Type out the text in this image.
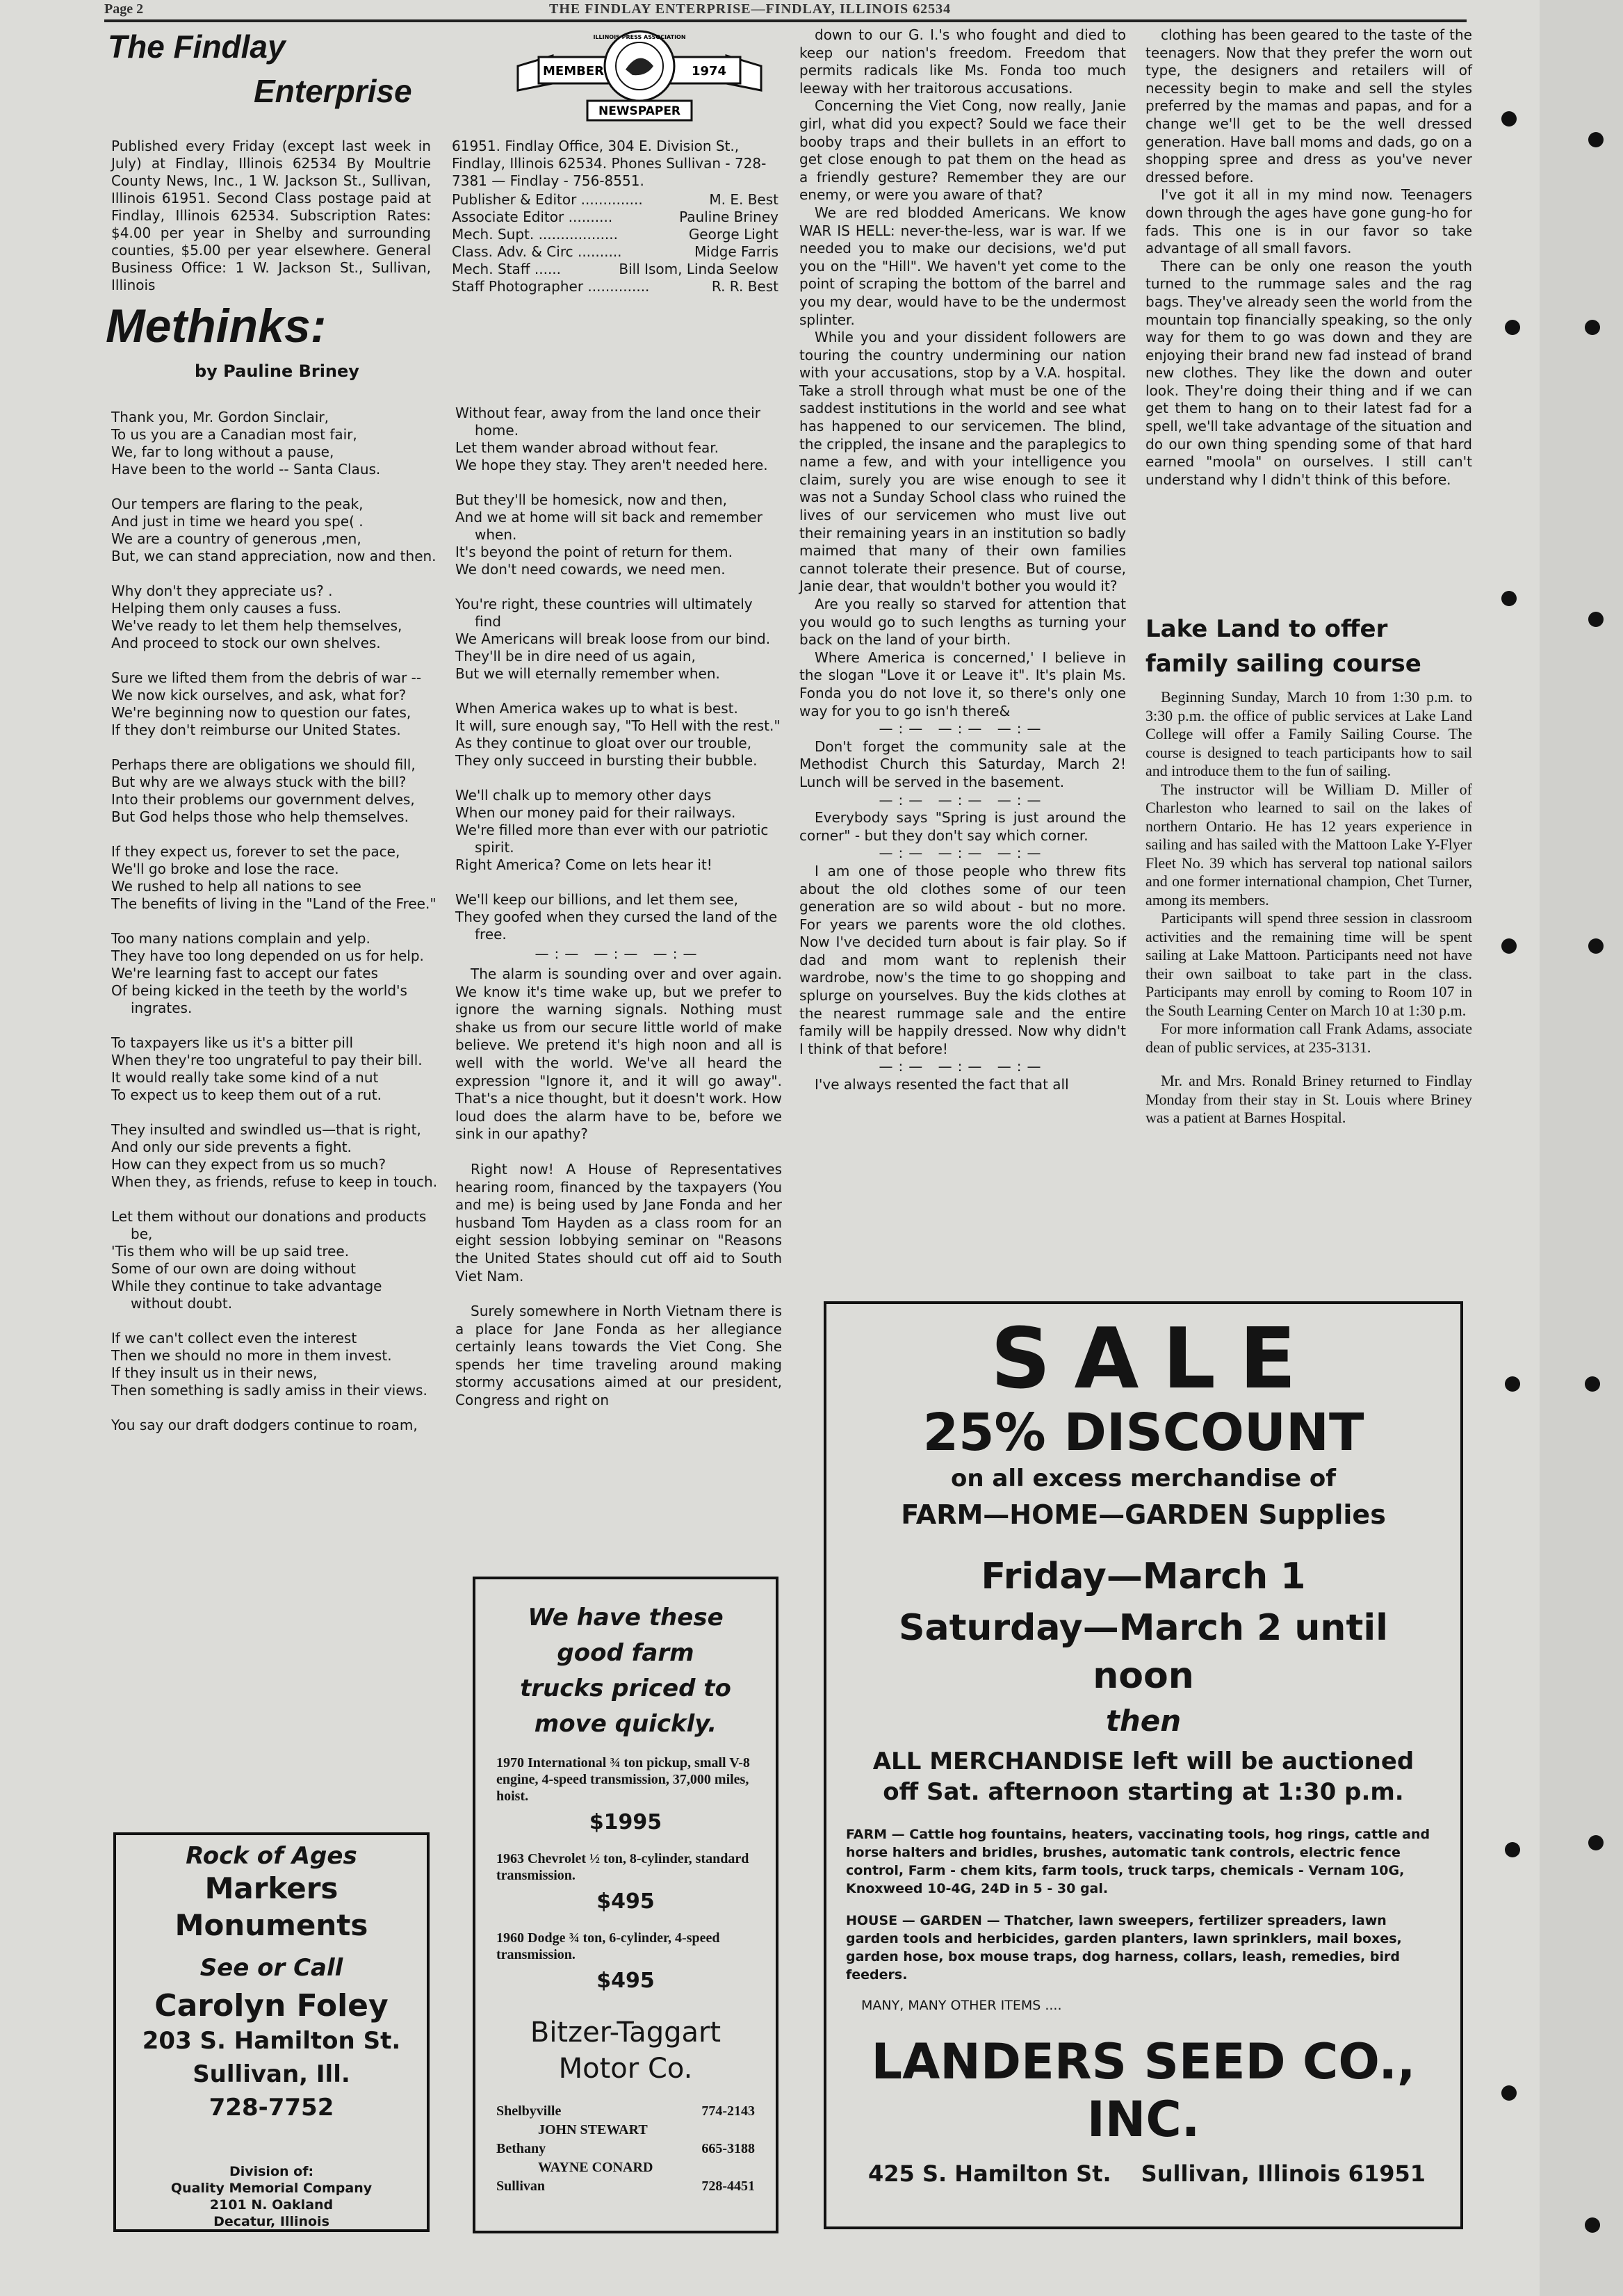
Page 2	THE FINDLAY ENTERPRISE—FINDLAY, ILLINOIS 62534
The Findlay
Enterprise
ILLINOIS PRESS ASSOCIATION
MEMBER	1974
NEWSPAPER
Published every Friday (except last week in July) at Findlay, Illinois 62534 By Moultrie County News, Inc., 1 W. Jackson St., Sullivan, Illinois 61951. Second Class postage paid at Findlay, Illinois 62534. Subscription Rates: $4.00 per year in Shelby and surrounding counties, $5.00 per year elsewhere. General Business Office: 1 W. Jackson St., Sullivan, Illinois
61951. Findlay Office, 304 E. Division St., Findlay, Illinois 62534. Phones Sullivan - 728-7381 — Findlay - 756-8551.
Publisher & Editor ..............	M. E. Best
Associate Editor ..........	Pauline Briney
Mech. Supt. ..................	George Light
Class. Adv. & Circ ..........	Midge Farris
Mech. Staff ......	Bill Isom, Linda Seelow
Staff Photographer ..............	R. R. Best
Methinks:
by Pauline Briney

Thank you, Mr. Gordon Sinclair,
To us you are a Canadian most fair,
We, far to long without a pause,
Have been to the world -- Santa Claus.

Our tempers are flaring to the peak,
And just in time we heard you spe( .
We are a country of generous ,men,
But, we can stand appreciation, now and then.

Why don't they appreciate us? .
Helping them only causes a fuss.
We've ready to let them help themselves,
And proceed to stock our own shelves.

Sure we lifted them from the debris of war --
We now kick ourselves, and ask, what for?
We're beginning now to question our fates,
If they don't reimburse our United States.

Perhaps there are obligations we should fill,
But why are we always stuck with the bill?
Into their problems our government delves,
But God helps those who help themselves.

If they expect us, forever to set the pace,
We'll go broke and lose the race.
We rushed to help all nations to see
The benefits of living in the "Land of the Free."

Too many nations complain and yelp.
They have too long depended on us for help.
We're learning fast to accept our fates
Of being kicked in the teeth by the world's ingrates.

To taxpayers like us it's a bitter pill
When they're too ungrateful to pay their bill.
It would really take some kind of a nut
To expect us to keep them out of a rut.

They insulted and swindled us—that is right,
And only our side prevents a fight.
How can they expect from us so much?
When they, as friends, refuse to keep in touch.

Let them without our donations and products be,
'Tis them who will be up said tree.
Some of our own are doing without
While they continue to take advantage without doubt.

If we can't collect even the interest
Then we should no more in them invest.
If they insult us in their news,
Then something is sadly amiss in their views.

You say our draft dodgers continue to roam,

Without fear, away from the land once their home.
Let them wander abroad without fear.
We hope they stay. They aren't needed here.

But they'll be homesick, now and then,
And we at home will sit back and remember when.
It's beyond the point of return for them.
We don't need cowards, we need men.

You're right, these countries will ultimately find
We Americans will break loose from our bind.
They'll be in dire need of us again,
But we will eternally remember when.

When America wakes up to what is best.
It will, sure enough say, "To Hell with the rest."
As they continue to gloat over our trouble,
They only succeed in bursting their bubble.

We'll chalk up to memory other days
When our money paid for their railways.
We're filled more than ever with our patriotic spirit.
Right America? Come on lets hear it!

We'll keep our billions, and let them see,
They goofed when they cursed the land of the free.

—:— —:— —:—

The alarm is sounding over and over again. We know it's time wake up, but we prefer to ignore the warning signals. Nothing must shake us from our secure little world of make believe. We pretend it's high noon and all is well with the world. We've all heard the expression "Ignore it, and it will go away". That's a nice thought, but it doesn't work. How loud does the alarm have to be, before we sink in our apathy?

Right now! A House of Representatives hearing room, financed by the taxpayers (You and me) is being used by Jane Fonda and her husband Tom Hayden as a class room for an eight session lobbying seminar on "Reasons the United States should cut off aid to South Viet Nam.

Surely somewhere in North Vietnam there is a place for Jane Fonda as her allegiance certainly leans towards the Viet Cong. She spends her time traveling around making stormy accusations aimed at our president, Congress and right on

down to our G. I.'s who fought and died to keep our nation's freedom. Freedom that permits radicals like Ms. Fonda too much leeway with her traitorous accusations.

Concerning the Viet Cong, now really, Janie girl, what did you expect? Sould we face their booby traps and their bullets in an effort to get close enough to pat them on the head as a friendly gesture? Remember they are our enemy, or were you aware of that?

We are red blodded Americans. We know WAR IS HELL: never-the-less, war is war. If we needed you to make our decisions, we'd put you on the "Hill". We haven't yet come to the point of scraping the bottom of the barrel and you my dear, would have to be the undermost splinter.

While you and your dissident followers are touring the country undermining our nation with your accusations, stop by a V.A. hospital. Take a stroll through what must be one of the saddest institutions in the world and see what has happened to our servicemen. The blind, the crippled, the insane and the paraplegics to name a few, and with your intelligence you claim, surely you are wise enough to see it was not a Sunday School class who ruined the lives of our servicemen who must live out their remaining years in an institution so badly maimed that many of their own families cannot tolerate their presence. But of course, Janie dear, that wouldn't bother you would it?

Are you really so starved for attention that you would go to such lengths as turning your back on the land of your birth.

Where America is concerned,' I believe in the slogan "Love it or Leave it". It's plain Ms. Fonda you do not love it, so there's only one way for you to go isn'h there&

—:— —:— —:—

Don't forget the community sale at the Methodist Church this Saturday, March 2! Lunch will be served in the basement.

—:— —:— —:—

Everybody says "Spring is just around the corner" - but they don't say which corner.

—:— —:— —:—

I am one of those people who threw fits about the old clothes some of our teen generation are so wild about - but no more. For years we parents wore the old clothes. Now I've decided turn about is fair play. So if dad and mom want to replenish their wardrobe, now's the time to go shopping and splurge on yourselves. Buy the kids clothes at the nearest rummage sale and the entire family will be happily dressed. Now why didn't I think of that before!

—:— —:— —:—

I've always resented the fact that all

clothing has been geared to the taste of the teenagers. Now that they prefer the worn out type, the designers and retailers will of necessity begin to make and sell the styles preferred by the mamas and papas, and for a change we'll get to be the well dressed generation. Have ball moms and dads, go on a shopping spree and dress as you've never dressed before.

I've got it all in my mind now. Teenagers down through the ages have gone gung-ho for fads. This one is in our favor so take advantage of all small favors.

There can be only one reason the youth turned to the rummage sales and the rag bags. They've already seen the world from the mountain top financially speaking, so the only way for them to go was down and they are enjoying their brand new fad instead of brand new clothes. They like the down and outer look. They're doing their thing and if we can get them to hang on to their latest fad for a spell, we'll take advantage of the situation and do our own thing spending some of that hard earned "moola" on ourselves. I still can't understand why I didn't think of this before.

Lake Land to offer family sailing course

Beginning Sunday, March 10 from 1:30 p.m. to 3:30 p.m. the office of public services at Lake Land College will offer a Family Sailing Course. The course is designed to teach participants how to sail and introduce them to the fun of sailing.

The instructor will be William D. Miller of Charleston who learned to sail on the lakes of northern Ontario. He has 12 years experience in sailing and has sailed with the Mattoon Lake Y-Flyer Fleet No. 39 which has serveral top national sailors and one former international champion, Chet Turner, among its members.

Participants will spend three session in classroom activities and the remaining time will be spent sailing at Lake Mattoon. Participants need not have their own sailboat to take part in the class. Participants may enroll by coming to Room 107 in the South Learning Center on March 10 at 1:30 p.m.

For more information call Frank Adams, associate dean of public services, at 235-3131.

Mr. and Mrs. Ronald Briney returned to Findlay Monday from their stay in St. Louis where Briney was a patient at Barnes Hospital.
Rock of Ages
Markers
Monuments
See or Call
Carolyn Foley
203 S. Hamilton St.
Sullivan, Ill.
728-7752
Division of:
Quality Memorial Company
2101 N. Oakland
Decatur, Illinois
We have these good farm trucks priced to move quickly.
1970 International ¾ ton pickup, small V-8 engine, 4-speed transmission, 37,000 miles, hoist.
$1995
1963 Chevrolet ½ ton, 8-cylinder, standard transmission.
$495
1960 Dodge ¾ ton, 6-cylinder, 4-speed transmission.
$495
Bitzer-Taggart
Motor Co.
Shelbyville	774-2143
JOHN STEWART
Bethany	665-3188
WAYNE CONARD
Sullivan	728-4451
SALE
25% DISCOUNT
on all excess merchandise of
FARM—HOME—GARDEN Supplies
Friday—March 1
Saturday—March 2 until
noon
then
ALL MERCHANDISE left will be auctioned
off Sat. afternoon starting at 1:30 p.m.
FARM — Cattle hog fountains, heaters, vaccinating tools, hog rings, cattle and horse halters and bridles, brushes, automatic tank controls, electric fence control, Farm - chem kits, farm tools, truck tarps, chemicals - Vernam 10G, Knoxweed 10-4G, 24D in 5 - 30 gal.
HOUSE — GARDEN — Thatcher, lawn sweepers, fertilizer spreaders, lawn garden tools and herbicides, garden planters, lawn sprinklers, mail boxes, garden hose, box mouse traps, dog harness, collars, leash, remedies, bird feeders.
MANY, MANY OTHER ITEMS ....
LANDERS SEED CO.,
INC.
425 S. Hamilton St. Sullivan, Illinois 61951
